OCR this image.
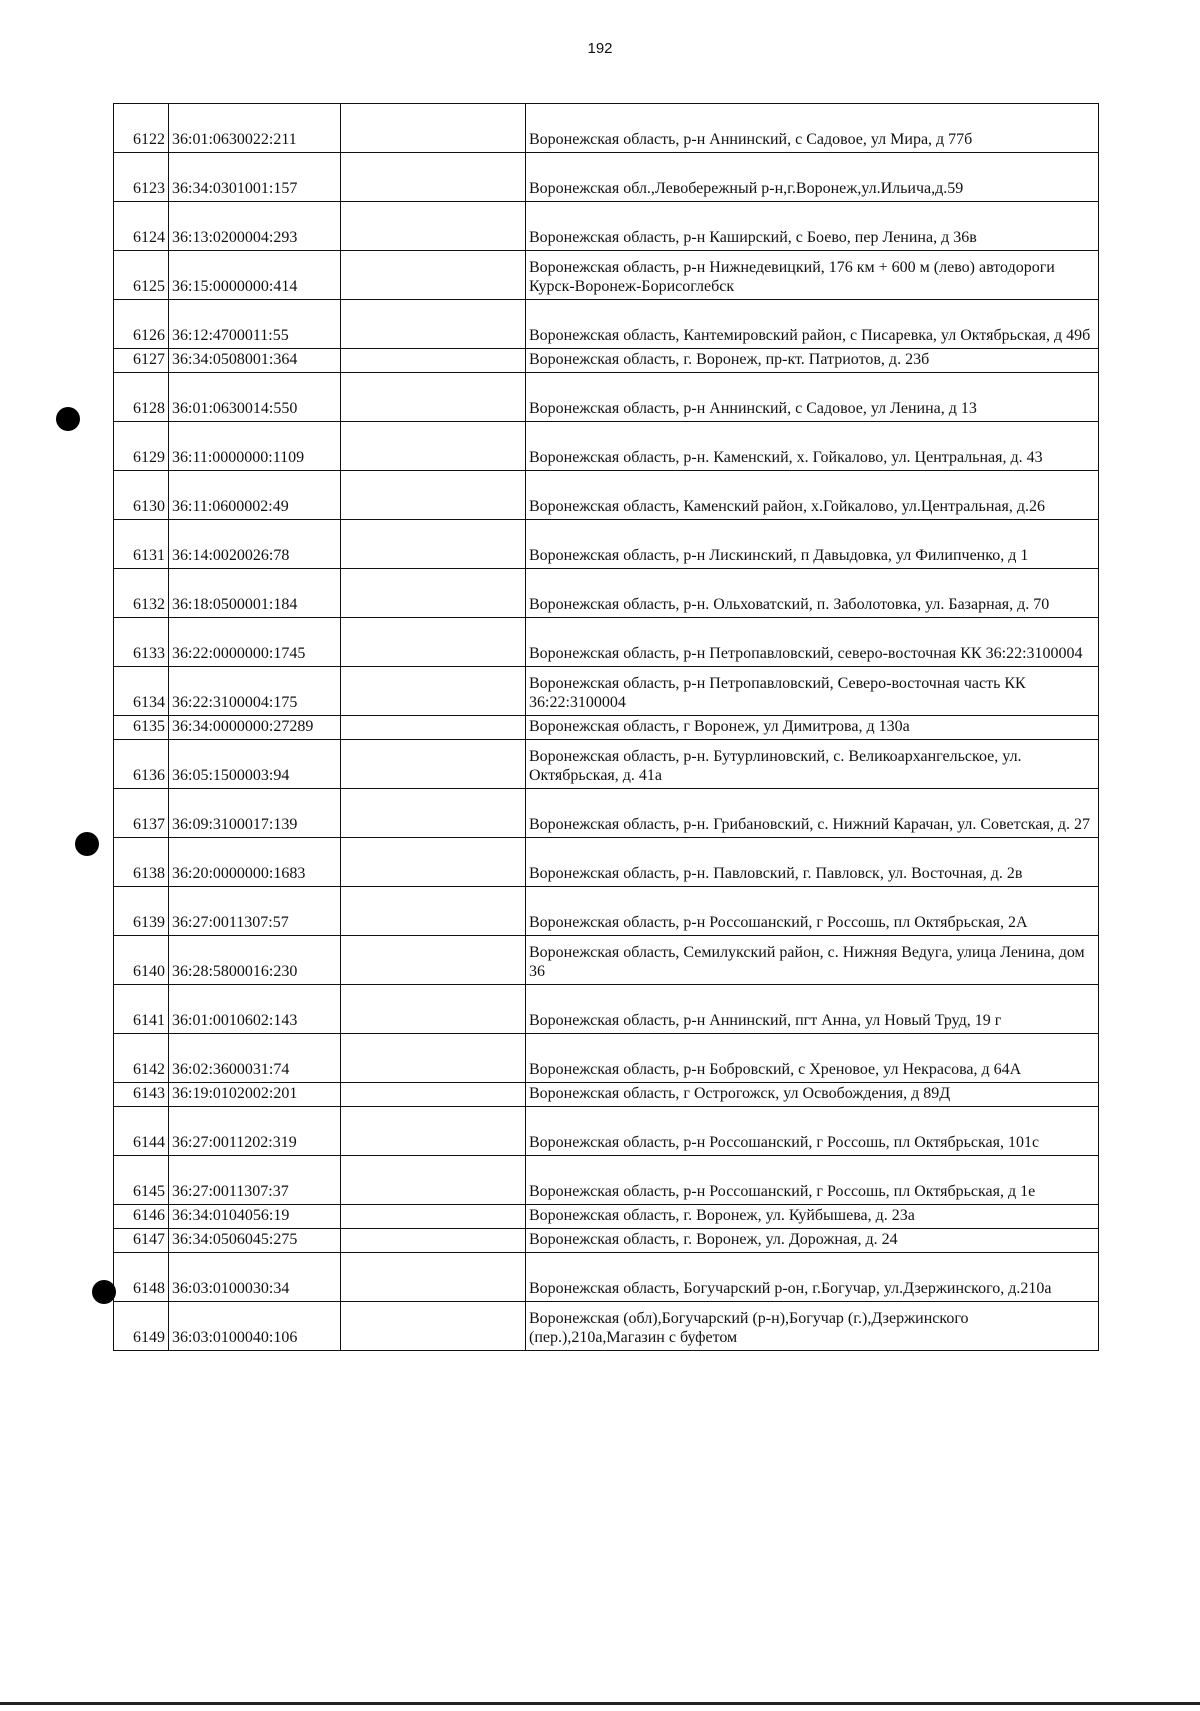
192
6122	36:01:0630022:211		Воронежская область, р-н Аннинский, с Садовое, ул Мира, д 77б
6123	36:34:0301001:157		Воронежская обл.,Левобережный р-н,г.Воронеж,ул.Ильича,д.59
6124	36:13:0200004:293		Воронежская область, р-н Каширский, с Боево, пер Ленина, д 36в
6125	36:15:0000000:414		Воронежская область, р-н Нижнедевицкий, 176 км + 600 м (лево) автодороги Курск-Воронеж-Борисоглебск
6126	36:12:4700011:55		Воронежская область, Кантемировский район, с Писаревка, ул Октябрьская, д 49б
6127	36:34:0508001:364		Воронежская область, г. Воронеж, пр-кт. Патриотов, д. 23б
6128	36:01:0630014:550		Воронежская область, р-н Аннинский, с Садовое, ул Ленина, д 13
6129	36:11:0000000:1109		Воронежская область, р-н. Каменский, х. Гойкалово, ул. Центральная, д. 43
6130	36:11:0600002:49		Воронежская область, Каменский район, х.Гойкалово, ул.Центральная, д.26
6131	36:14:0020026:78		Воронежская область, р-н Лискинский, п Давыдовка, ул Филипченко, д 1
6132	36:18:0500001:184		Воронежская область, р-н. Ольховатский, п. Заболотовка, ул. Базарная, д. 70
6133	36:22:0000000:1745		Воронежская область, р-н Петропавловский, северо-восточная КК 36:22:3100004
6134	36:22:3100004:175		Воронежская область, р-н Петропавловский, Северо-восточная часть КК 36:22:3100004
6135	36:34:0000000:27289		Воронежская область, г Воронеж, ул Димитрова, д 130а
6136	36:05:1500003:94		Воронежская область, р-н. Бутурлиновский, с. Великоархангельское, ул. Октябрьская, д. 41а
6137	36:09:3100017:139		Воронежская область, р-н. Грибановский, с. Нижний Карачан, ул. Советская, д. 27
6138	36:20:0000000:1683		Воронежская область, р-н. Павловский, г. Павловск, ул. Восточная, д. 2в
6139	36:27:0011307:57		Воронежская область, р-н Россошанский, г Россошь, пл Октябрьская, 2А
6140	36:28:5800016:230		Воронежская область, Семилукский район, с. Нижняя Ведуга, улица Ленина, дом 36
6141	36:01:0010602:143		Воронежская область, р-н Аннинский, пгт Анна, ул Новый Труд, 19 г
6142	36:02:3600031:74		Воронежская область, р-н Бобровский, с Хреновое, ул Некрасова, д 64А
6143	36:19:0102002:201		Воронежская область, г Острогожск, ул Освобождения, д 89Д
6144	36:27:0011202:319		Воронежская область, р-н Россошанский, г Россошь, пл Октябрьская, 101с
6145	36:27:0011307:37		Воронежская область, р-н Россошанский, г Россошь, пл Октябрьская, д 1е
6146	36:34:0104056:19		Воронежская область, г. Воронеж, ул. Куйбышева, д. 23а
6147	36:34:0506045:275		Воронежская область, г. Воронеж, ул. Дорожная, д. 24
6148	36:03:0100030:34		Воронежская область, Богучарский р-он, г.Богучар, ул.Дзержинского, д.210а
6149	36:03:0100040:106		Воронежская (обл),Богучарский (р-н),Богучар (г.),Дзержинского (пер.),210а,Магазин с буфетом
